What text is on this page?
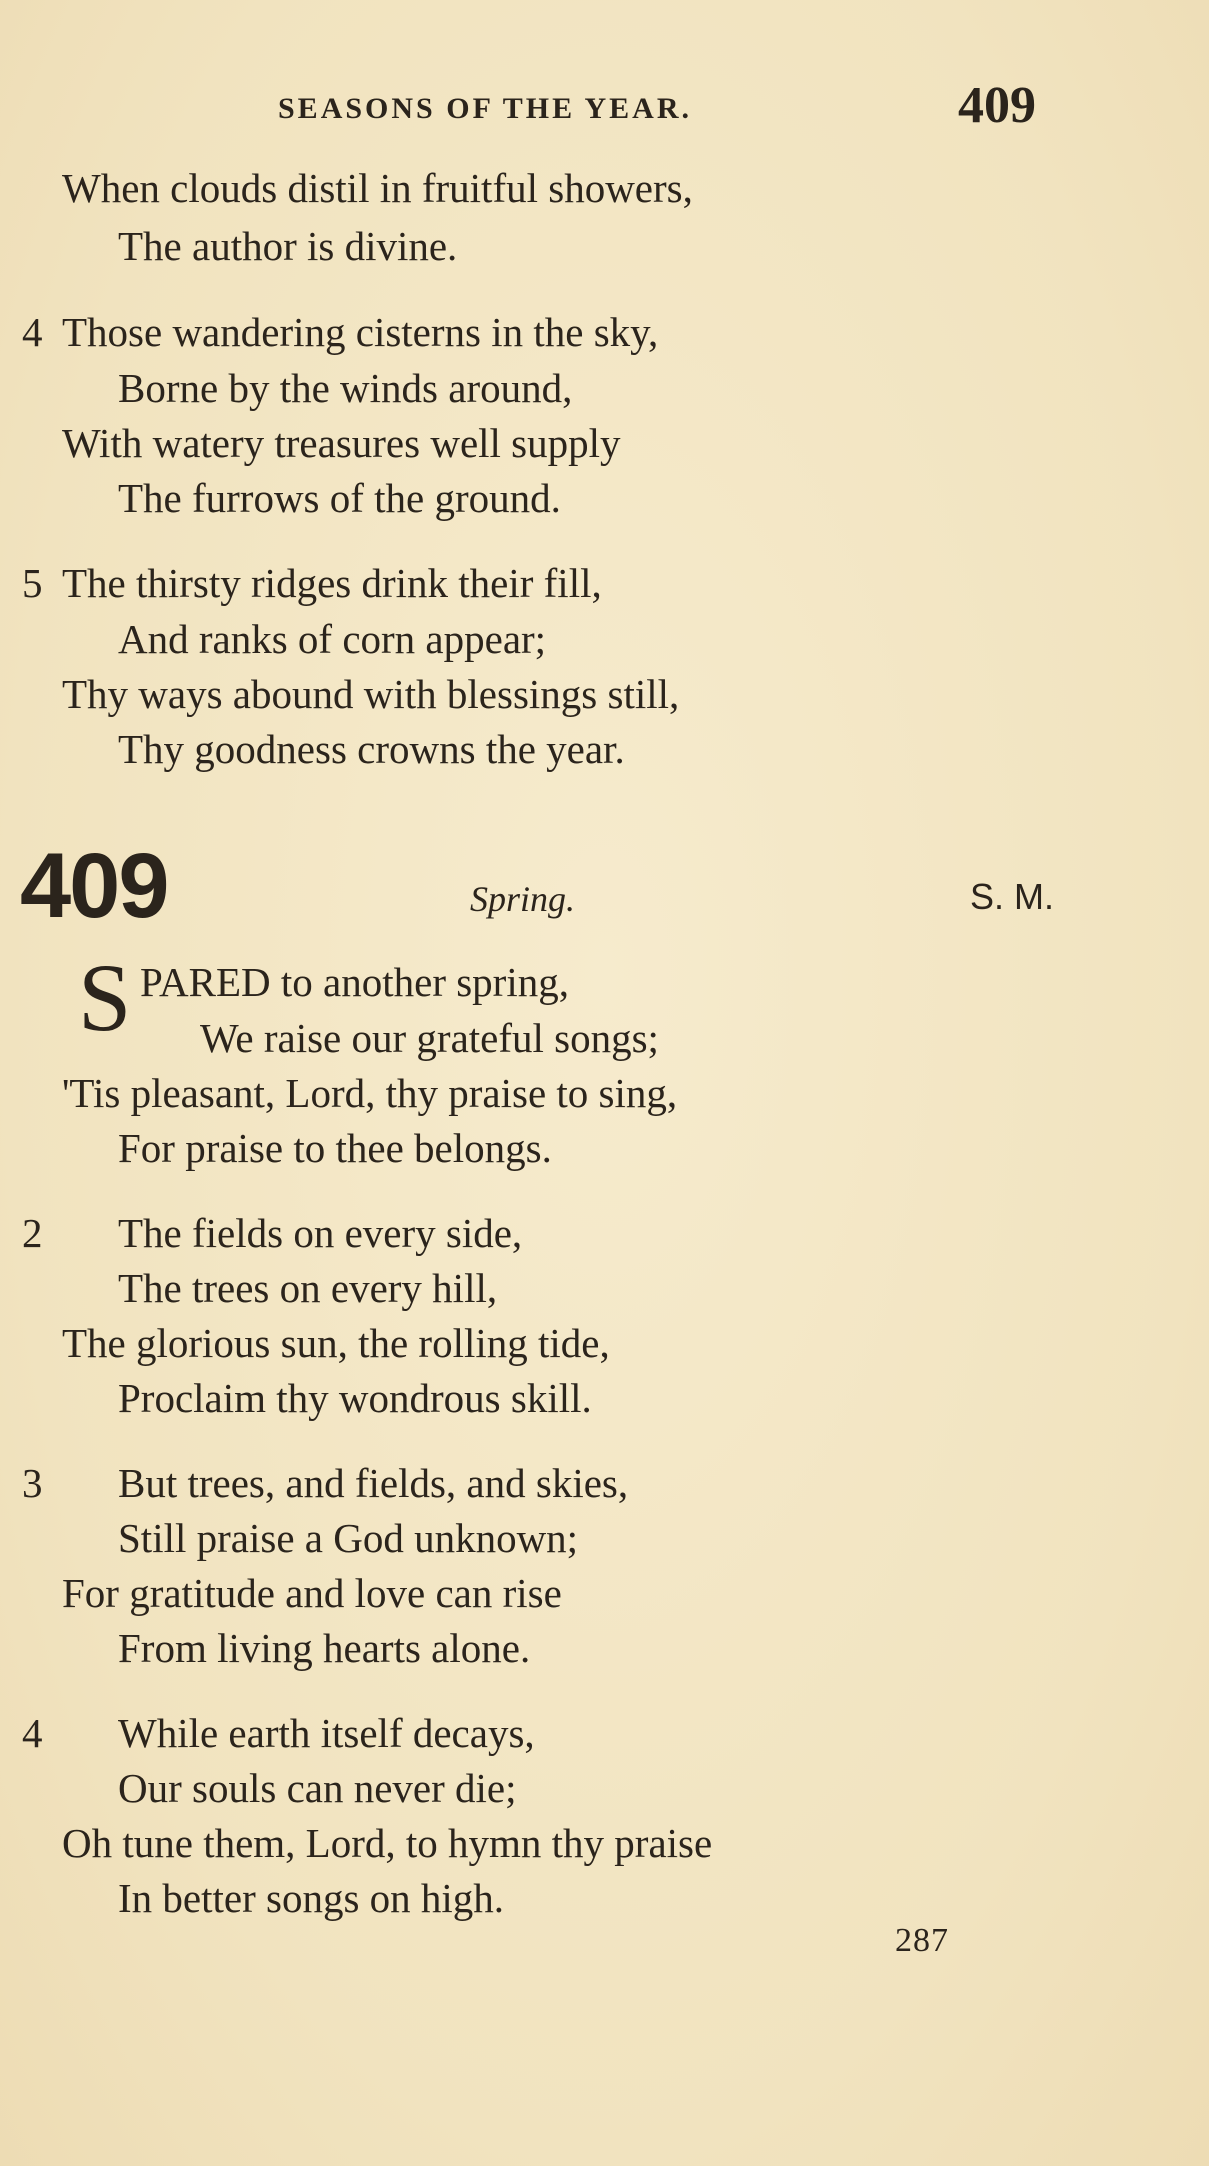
SEASONS OF THE YEAR.	409
When clouds distil in fruitful showers,
The author is divine.
4 Those wandering cisterns in the sky,
Borne by the winds around,
With watery treasures well supply
The furrows of the ground.
5 The thirsty ridges drink their fill,
And ranks of corn appear;
Thy ways abound with blessings still,
Thy goodness crowns the year.
409	Spring.	S. M.
S PARED to another spring,
We raise our grateful songs;
'Tis pleasant, Lord, thy praise to sing,
For praise to thee belongs.
2 The fields on every side,
The trees on every hill,
The glorious sun, the rolling tide,
Proclaim thy wondrous skill.
3 But trees, and fields, and skies,
Still praise a God unknown;
For gratitude and love can rise
From living hearts alone.
4 While earth itself decays,
Our souls can never die;
Oh tune them, Lord, to hymn thy praise
In better songs on high.
287
